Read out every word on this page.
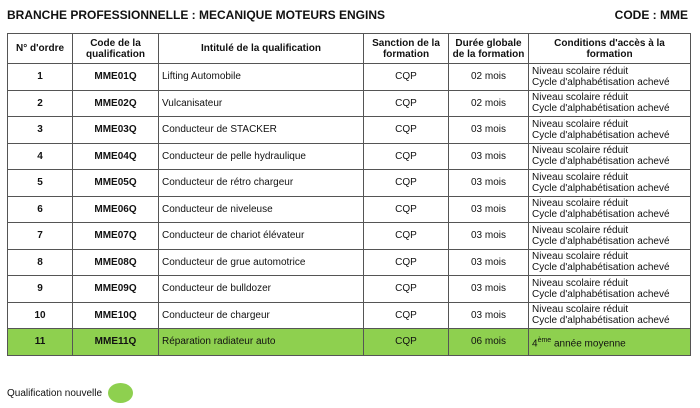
BRANCHE PROFESSIONNELLE : MECANIQUE MOTEURS ENGINS	CODE : MME
N° d'ordre	Code de la qualification	Intitulé de la qualification	Sanction de la formation	Durée globale de la formation	Conditions d'accès à la formation
1	MME01Q	Lifting Automobile	CQP	02 mois	Niveau scolaire réduit
Cycle d'alphabétisation achevé

2	MME02Q	Vulcanisateur	CQP	02 mois	Niveau scolaire réduit
Cycle d'alphabétisation achevé

3	MME03Q	Conducteur de STACKER	CQP	03 mois	Niveau scolaire réduit
Cycle d'alphabétisation achevé

4	MME04Q	Conducteur de pelle hydraulique	CQP	03 mois	Niveau scolaire réduit
Cycle d'alphabétisation achevé

5	MME05Q	Conducteur de rétro chargeur	CQP	03 mois	Niveau scolaire réduit
Cycle d'alphabétisation achevé

6	MME06Q	Conducteur de niveleuse	CQP	03 mois	Niveau scolaire réduit
Cycle d'alphabétisation achevé

7	MME07Q	Conducteur de chariot élévateur	CQP	03 mois	Niveau scolaire réduit
Cycle d'alphabétisation achevé

8	MME08Q	Conducteur de grue automotrice	CQP	03 mois	Niveau scolaire réduit
Cycle d'alphabétisation achevé

9	MME09Q	Conducteur de bulldozer	CQP	03 mois	Niveau scolaire réduit
Cycle d'alphabétisation achevé

10	MME10Q	Conducteur de chargeur	CQP	03 mois	Niveau scolaire réduit
Cycle d'alphabétisation achevé

11	MME11Q	Réparation radiateur auto	CQP	06 mois	4ème année moyenne
Qualification nouvelle
